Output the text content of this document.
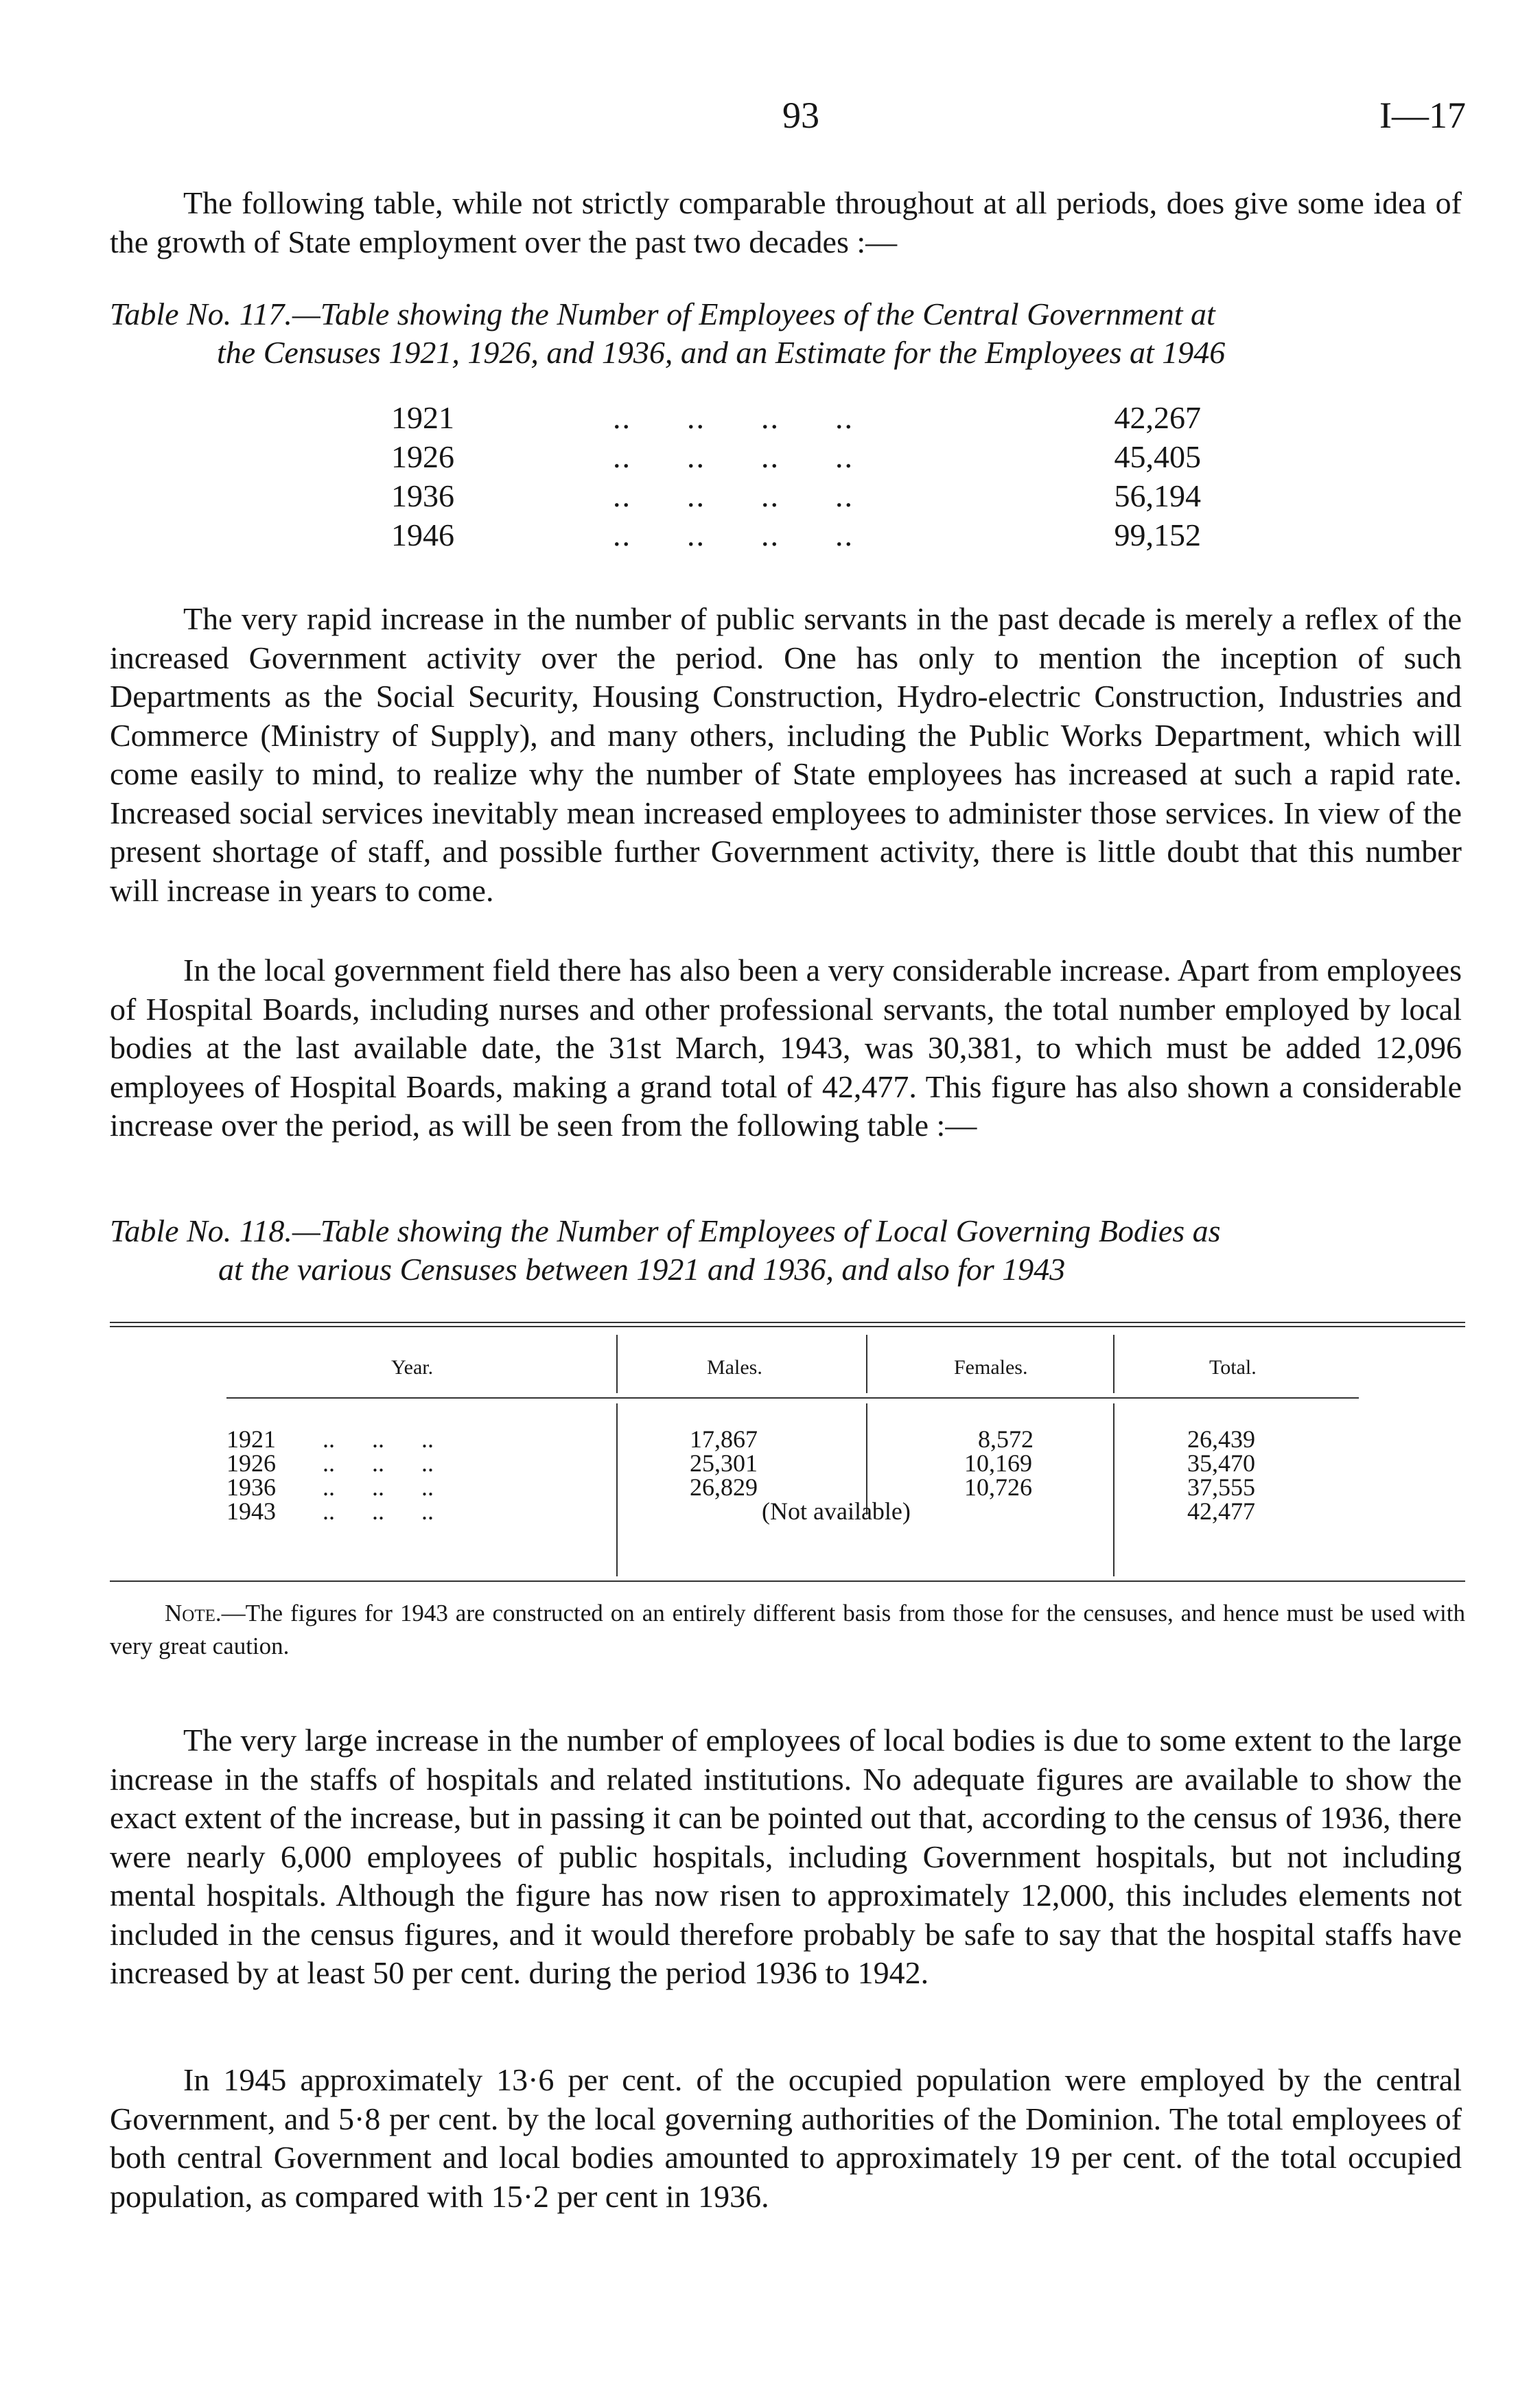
93	I—17

The following table, while not strictly comparable throughout at all periods, does give some idea of the growth of State employment over the past two decades :—

Table No. 117.—Table showing the Number of Employees of the Central Government at
the Censuses 1921, 1926, and 1936, and an Estimate for the Employees at 1946
1921	..      ..      ..      ..	42,267
1926	..      ..      ..      ..	45,405
1936	..      ..      ..      ..	56,194
1946	..      ..      ..      ..	99,152

The very rapid increase in the number of public servants in the past decade is merely a reflex of the increased Government activity over the period. One has only to mention the inception of such Departments as the Social Security, Housing Construction, Hydro-electric Construction, Industries and Commerce (Ministry of Supply), and many others, including the Public Works Department, which will come easily to mind, to realize why the number of State employees has increased at such a rapid rate. Increased social services inevitably mean increased employees to administer those services. In view of the present shortage of staff, and possible further Government activity, there is little doubt that this number will increase in years to come.

In the local government field there has also been a very considerable increase. Apart from employees of Hospital Boards, including nurses and other professional servants, the total number employed by local bodies at the last available date, the 31st March, 1943, was 30,381, to which must be added 12,096 employees of Hospital Boards, making a grand total of 42,477. This figure has also shown a considerable increase over the period, as will be seen from the following table :—

Table No. 118.—Table showing the Number of Employees of Local Governing Bodies as
at the various Censuses between 1921 and 1936, and also for 1943
Year.	Males.	Females.	Total.
1921 ..      ..      ..	17,867	8,572	26,439
1926 ..      ..      ..	25,301	10,169	35,470
1936 ..      ..      ..	26,829	10,726	37,555
1943 ..      ..      ..	(Not available)	42,477

Note.—The figures for 1943 are constructed on an entirely different basis from those for the censuses, and hence must be used with very great caution.

The very large increase in the number of employees of local bodies is due to some extent to the large increase in the staffs of hospitals and related institutions. No adequate figures are available to show the exact extent of the increase, but in passing it can be pointed out that, according to the census of 1936, there were nearly 6,000 employees of public hospitals, including Government hospitals, but not including mental hospitals. Although the figure has now risen to approximately 12,000, this includes elements not included in the census figures, and it would therefore probably be safe to say that the hospital staffs have increased by at least 50 per cent. during the period 1936 to 1942.

In 1945 approximately 13·6 per cent. of the occupied population were employed by the central Government, and 5·8 per cent. by the local governing authorities of the Dominion. The total employees of both central Government and local bodies amounted to approximately 19 per cent. of the total occupied population, as compared with 15·2 per cent in 1936.
